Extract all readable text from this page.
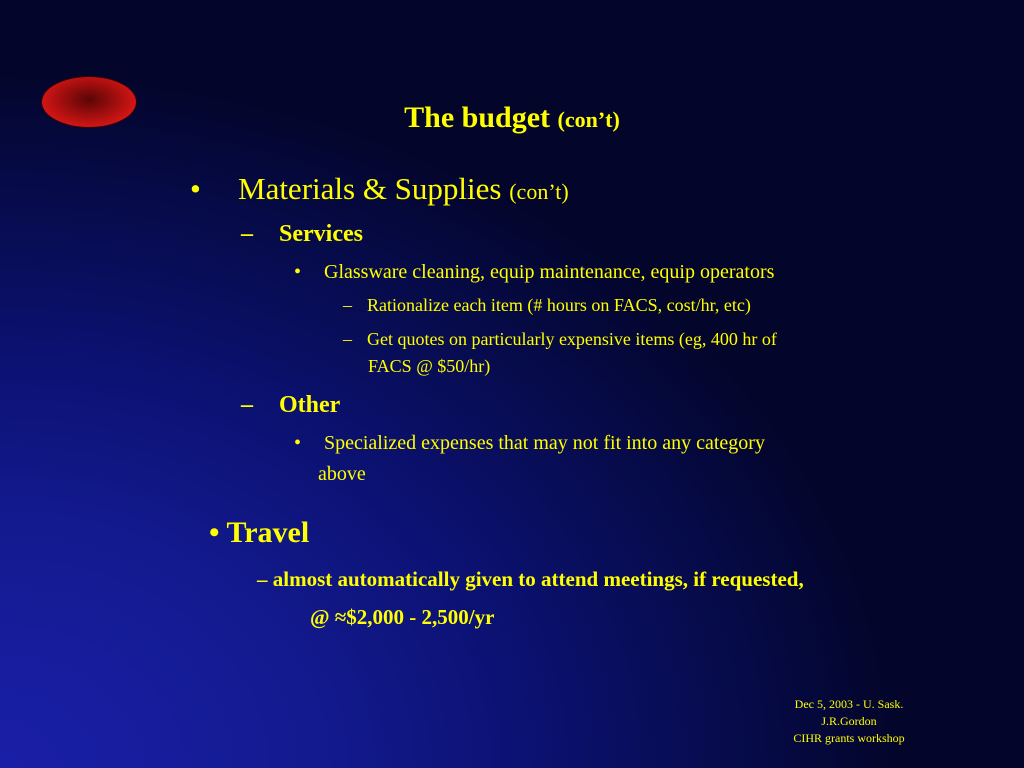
The budget (con’t)
• Materials & Supplies (con’t)
– Services
• Glassware cleaning, equip maintenance, equip operators
– Rationalize each item (# hours on FACS, cost/hr, etc)
– Get quotes on particularly expensive items (eg, 400 hr of
FACS @ $50/hr)
– Other
• Specialized expenses that may not fit into any category
above
• Travel
– almost automatically given to attend meetings, if requested,
@ ≈$2,000 - 2,500/yr
Dec 5, 2003 - U. Sask.
J.R.Gordon
CIHR grants workshop
